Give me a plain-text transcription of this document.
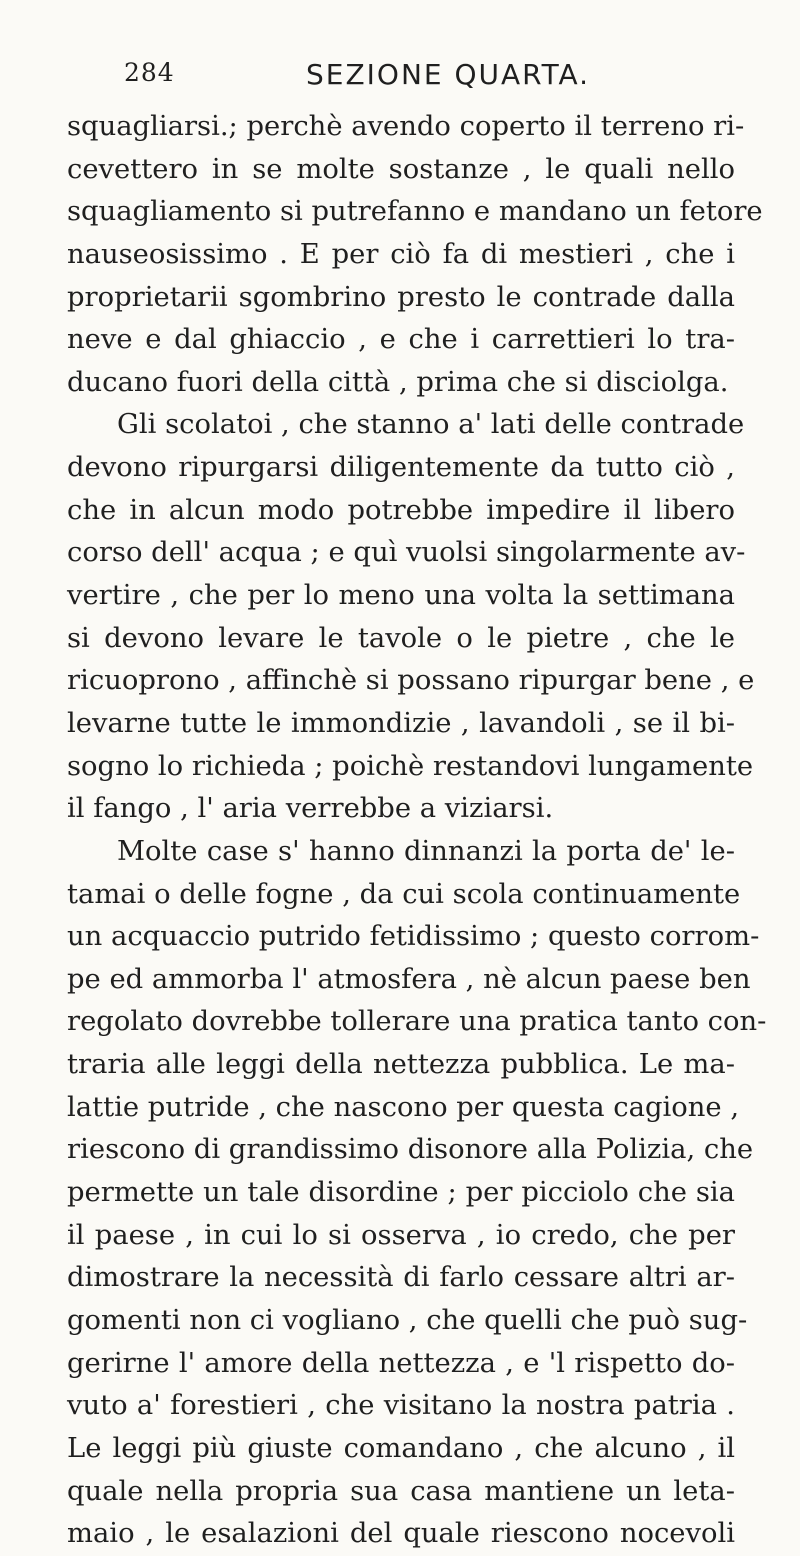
284	SEZIONE QUARTA.
squagliarsi.; perchè avendo coperto il terreno ri-
cevettero in se molte sostanze , le quali nello
squagliamento si putrefanno e mandano un fetore
nauseosissimo . E per ciò fa di mestieri , che i
proprietarii sgombrino presto le contrade dalla
neve e dal ghiaccio , e che i carrettieri lo tra-
ducano fuori della città , prima che si disciolga.
Gli scolatoi , che stanno a' lati delle contrade
devono ripurgarsi diligentemente da tutto ciò ,
che in alcun modo potrebbe impedire il libero
corso dell' acqua ; e quì vuolsi singolarmente av-
vertire , che per lo meno una volta la settimana
si devono levare le tavole o le pietre , che le
ricuoprono , affinchè si possano ripurgar bene , e
levarne tutte le immondizie , lavandoli , se il bi-
sogno lo richieda ; poichè restandovi lungamente
il fango , l' aria verrebbe a viziarsi.
Molte case s' hanno dinnanzi la porta de' le-
tamai o delle fogne , da cui scola continuamente
un acquaccio putrido fetidissimo ; questo corrom-
pe ed ammorba l' atmosfera , nè alcun paese ben
regolato dovrebbe tollerare una pratica tanto con-
traria alle leggi della nettezza pubblica. Le ma-
lattie putride , che nascono per questa cagione ,
riescono di grandissimo disonore alla Polizia, che
permette un tale disordine ; per picciolo che sia
il paese , in cui lo si osserva , io credo, che per
dimostrare la necessità di farlo cessare altri ar-
gomenti non ci vogliano , che quelli che può sug-
gerirne l' amore della nettezza , e 'l rispetto do-
vuto a' forestieri , che visitano la nostra patria .
Le leggi più giuste comandano , che alcuno , il
quale nella propria sua casa mantiene un leta-
maio , le esalazioni del quale riescono nocevoli
